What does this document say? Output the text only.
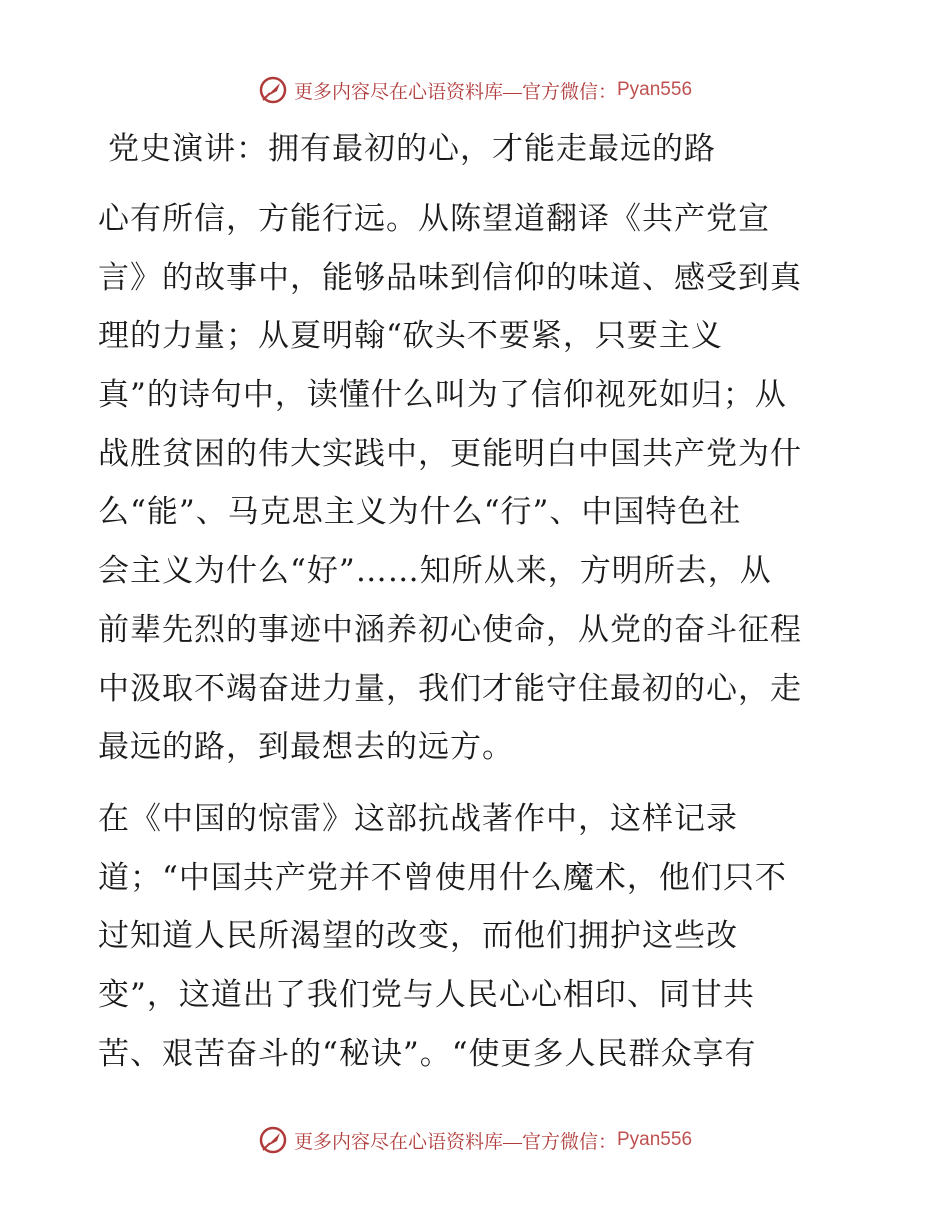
更多内容尽在心语资料库—官方微信： Pyan556
党史演讲：拥有最初的心，才能走最远的路
心有所信，方能行远。从陈望道翻译《共产党宣
言》的故事中，能够品味到信仰的味道、感受到真
理的力量；从夏明翰“砍头不要紧，只要主义
真”的诗句中，读懂什么叫为了信仰视死如归；从
战胜贫困的伟大实践中，更能明白中国共产党为什
么“能”、马克思主义为什么“行”、中国特色社
会主义为什么“好”……知所从来，方明所去，从
前辈先烈的事迹中涵养初心使命，从党的奋斗征程
中汲取不竭奋进力量，我们才能守住最初的心，走
最远的路，到最想去的远方。
在《中国的惊雷》这部抗战著作中，这样记录
道；“中国共产党并不曾使用什么魔术，他们只不
过知道人民所渴望的改变，而他们拥护这些改
变”，这道出了我们党与人民心心相印、同甘共
苦、艰苦奋斗的“秘诀”。“使更多人民群众享有
更多内容尽在心语资料库—官方微信： Pyan556
